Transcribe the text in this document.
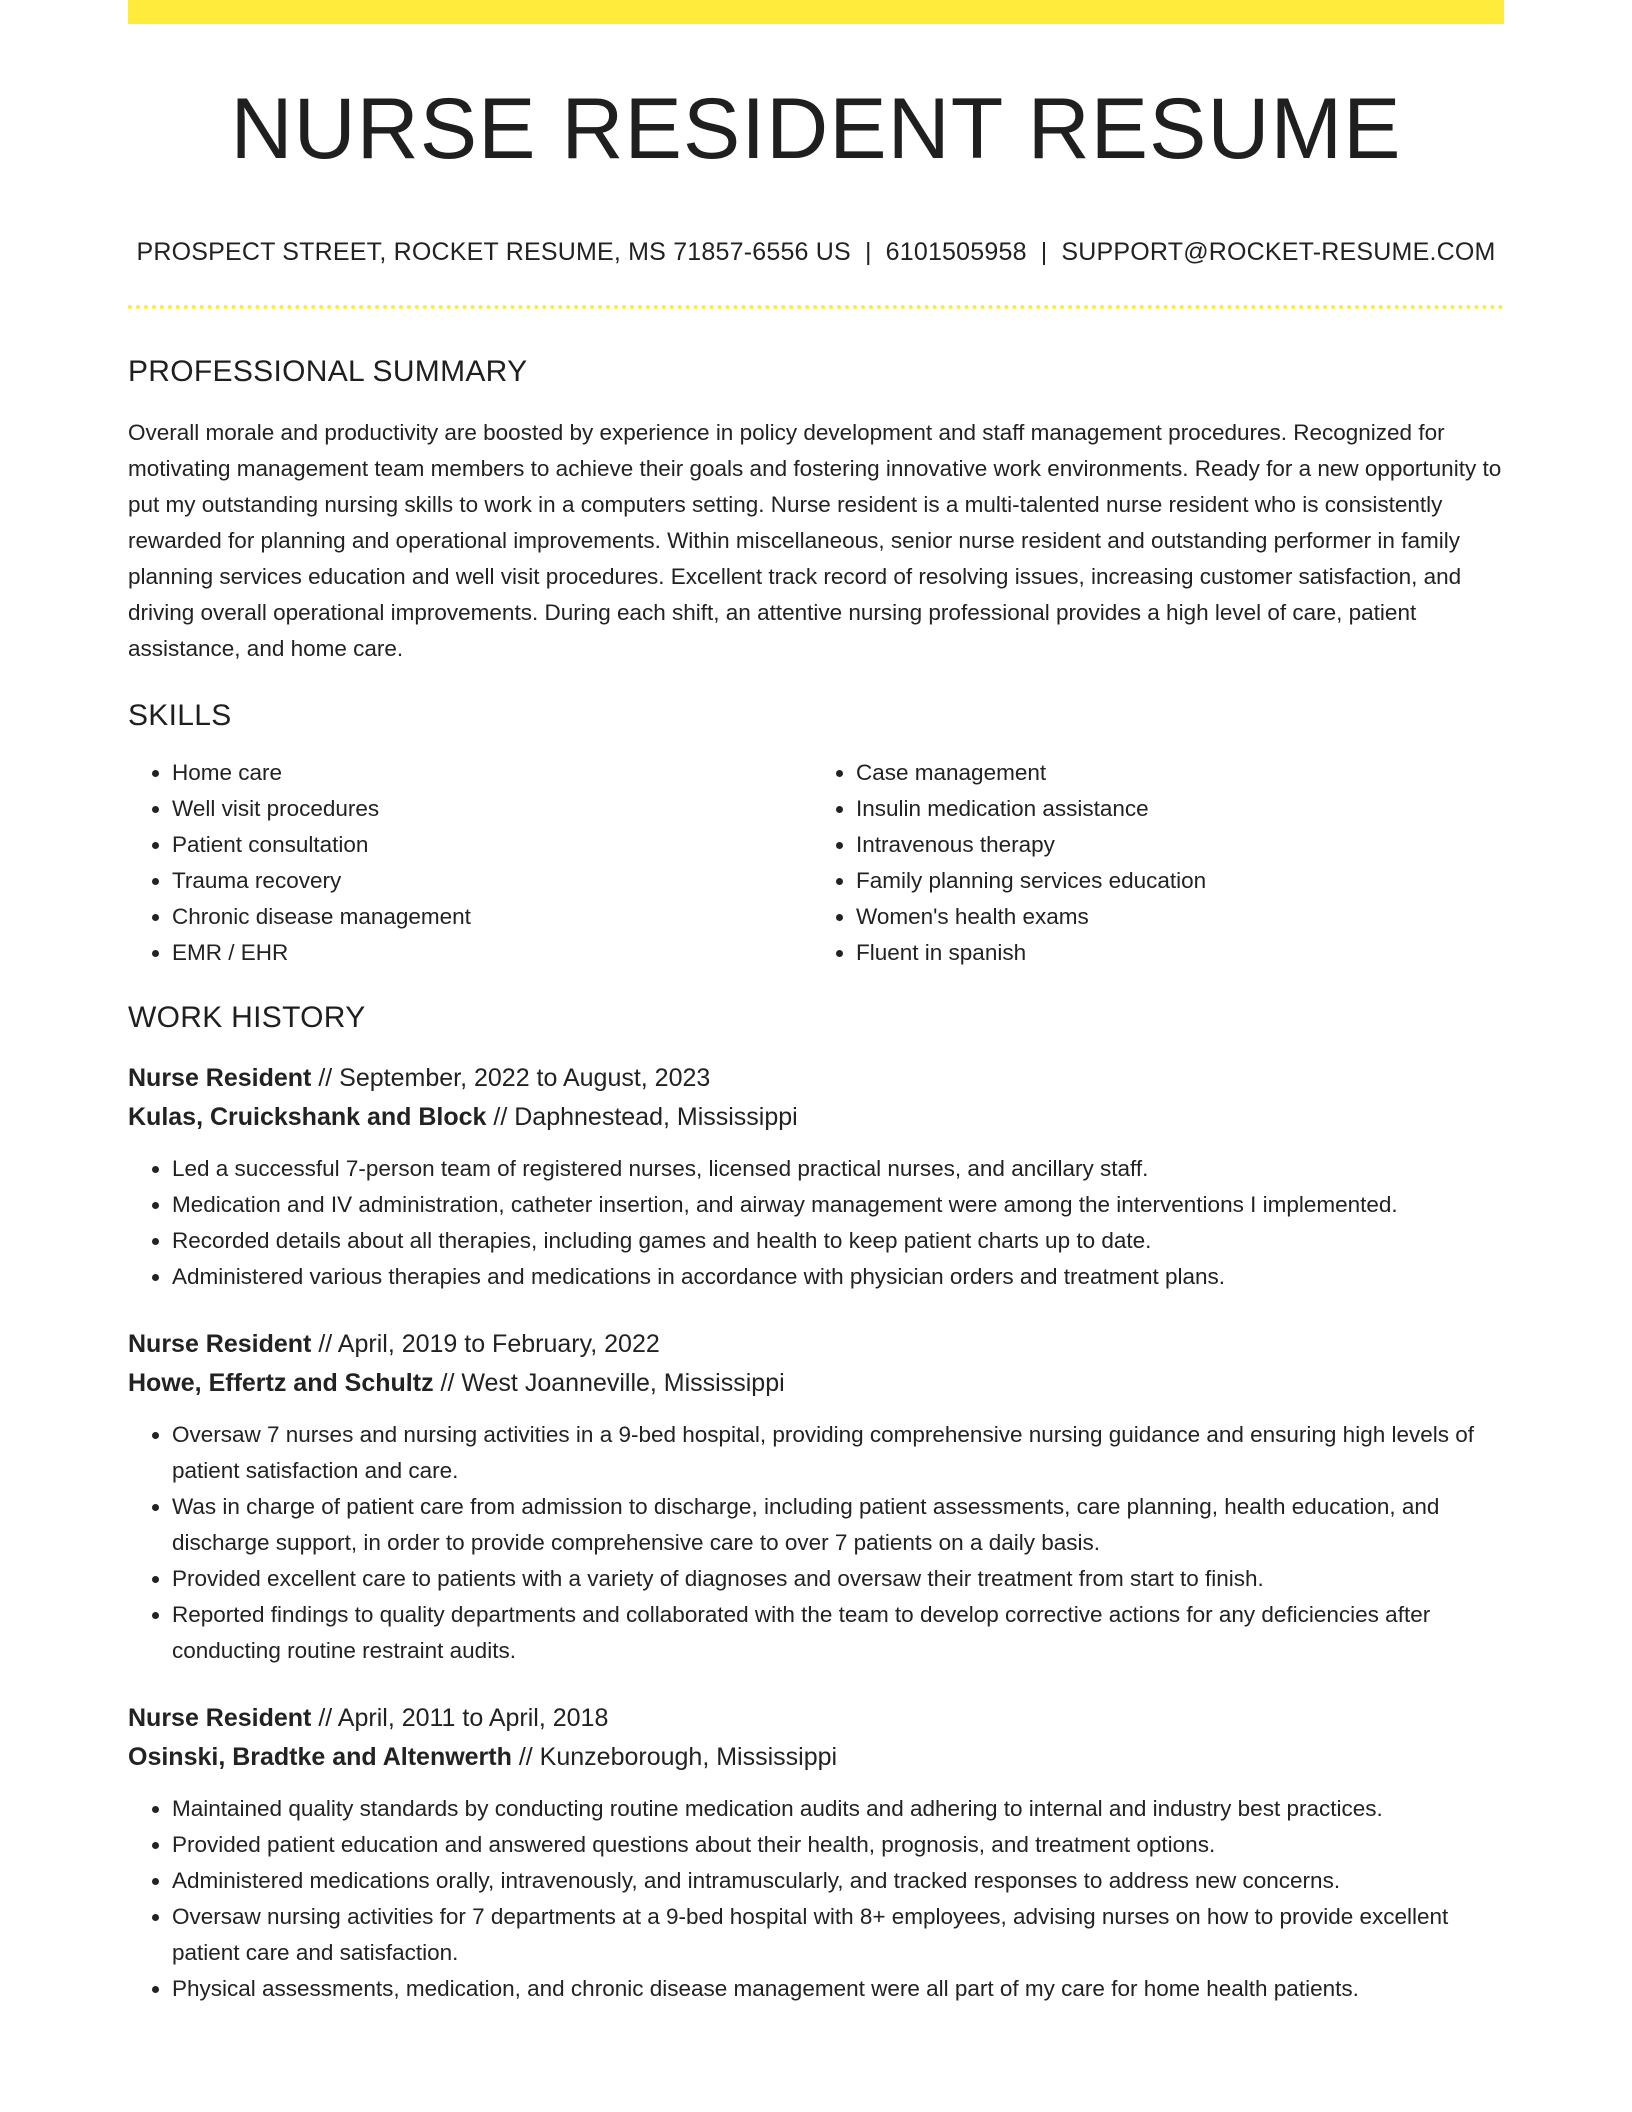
NURSE RESIDENT RESUME
PROSPECT STREET, ROCKET RESUME, MS 71857-6556 US | 6101505958 | SUPPORT@ROCKET-RESUME.COM
PROFESSIONAL SUMMARY
Overall morale and productivity are boosted by experience in policy development and staff management procedures. Recognized for motivating management team members to achieve their goals and fostering innovative work environments. Ready for a new opportunity to put my outstanding nursing skills to work in a computers setting. Nurse resident is a multi-talented nurse resident who is consistently rewarded for planning and operational improvements. Within miscellaneous, senior nurse resident and outstanding performer in family planning services education and well visit procedures. Excellent track record of resolving issues, increasing customer satisfaction, and driving overall operational improvements. During each shift, an attentive nursing professional provides a high level of care, patient assistance, and home care.
SKILLS
• Home care
• Well visit procedures
• Patient consultation
• Trauma recovery
• Chronic disease management
• EMR / EHR
• Case management
• Insulin medication assistance
• Intravenous therapy
• Family planning services education
• Women's health exams
• Fluent in spanish
WORK HISTORY
Nurse Resident // September, 2022 to August, 2023
Kulas, Cruickshank and Block // Daphnestead, Mississippi
• Led a successful 7-person team of registered nurses, licensed practical nurses, and ancillary staff.
• Medication and IV administration, catheter insertion, and airway management were among the interventions I implemented.
• Recorded details about all therapies, including games and health to keep patient charts up to date.
• Administered various therapies and medications in accordance with physician orders and treatment plans.
Nurse Resident // April, 2019 to February, 2022
Howe, Effertz and Schultz // West Joanneville, Mississippi
• Oversaw 7 nurses and nursing activities in a 9-bed hospital, providing comprehensive nursing guidance and ensuring high levels of patient satisfaction and care.
• Was in charge of patient care from admission to discharge, including patient assessments, care planning, health education, and discharge support, in order to provide comprehensive care to over 7 patients on a daily basis.
• Provided excellent care to patients with a variety of diagnoses and oversaw their treatment from start to finish.
• Reported findings to quality departments and collaborated with the team to develop corrective actions for any deficiencies after conducting routine restraint audits.
Nurse Resident // April, 2011 to April, 2018
Osinski, Bradtke and Altenwerth // Kunzeborough, Mississippi
• Maintained quality standards by conducting routine medication audits and adhering to internal and industry best practices.
• Provided patient education and answered questions about their health, prognosis, and treatment options.
• Administered medications orally, intravenously, and intramuscularly, and tracked responses to address new concerns.
• Oversaw nursing activities for 7 departments at a 9-bed hospital with 8+ employees, advising nurses on how to provide excellent patient care and satisfaction.
• Physical assessments, medication, and chronic disease management were all part of my care for home health patients.
